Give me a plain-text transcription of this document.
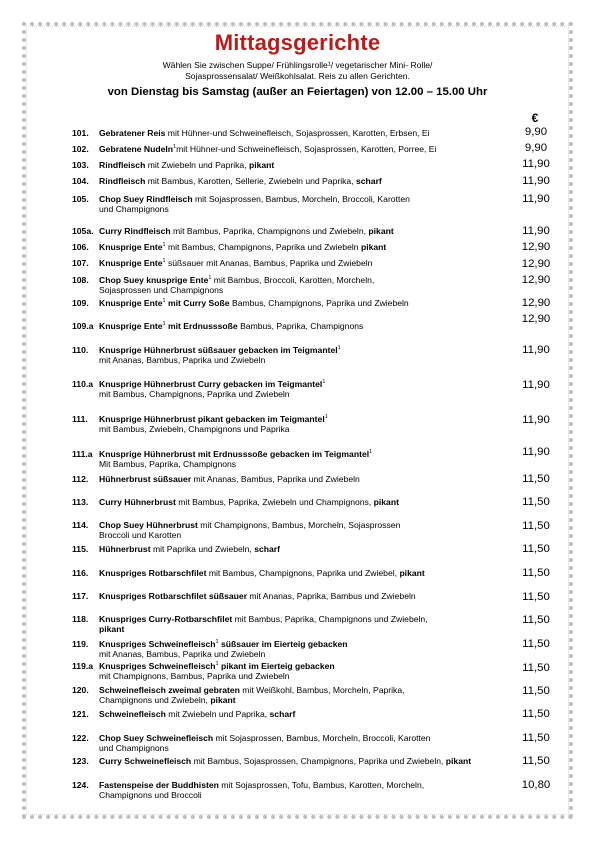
Mittagsgerichte
Wählen Sie zwischen Suppe/ Frühlingsrolle¹/ vegetarischer Mini- Rolle/
Sojasprossensalat/ Weißkohlsalat. Reis zu allen Gerichten.
von Dienstag bis Samstag (außer an Feiertagen) von 12.00 – 15.00 Uhr
€
101. Gebratener Reis mit Hühner-und Schweinefleisch, Sojasprossen, Karotten, Erbsen, Ei	9,90
102. Gebratene Nudeln$^1$mit Hühner-und Schweinefleisch, Sojasprossen, Karotten, Porree, Ei	9,90
103. Rindfleisch mit Zwiebeln und Paprika, pikant	11,90
104. Rindfleisch mit Bambus, Karotten, Sellerie, Zwiebeln und Paprika, scharf	11,90
105. Chop Suey Rindfleisch mit Sojasprossen, Bambus, Morcheln, Broccoli, Karotten
und Champignons
11,90
105a. Curry Rindfleisch mit Bambus, Paprika, Champignons und Zwiebeln, pikant	11,90
106. Knusprige Ente$^1$ mit Bambus, Champignons, Paprika und Zwiebeln pikant	12,90
107. Knusprige Ente$^1$ süßsauer mit Ananas, Bambus, Paprika und Zwiebeln	12,90
108. Chop Suey knusprige Ente$^1$ mit Bambus, Broccoli, Karotten, Morcheln,
Sojasprossen und Champignons
12,90
109. Knusprige Ente$^1$ mit Curry Soße Bambus, Champignons, Paprika und Zwiebeln	12,90
109.a Knusprige Ente$^1$ mit Erdnusssoße Bambus, Paprika, Champignons
12,90
110. Knusprige Hühnerbrust süßsauer gebacken im Teigmantel$^1$
mit Ananas, Bambus, Paprika und Zwiebeln
11,90
110.a Knusprige Hühnerbrust Curry gebacken im Teigmantel$^1$
mit Bambus, Champignons, Paprika und Zwiebeln
11,90
111. Knusprige Hühnerbrust pikant gebacken im Teigmantel$^1$
mit Bambus, Zwiebeln, Champignons und Paprika
11,90
111.a Knusprige Hühnerbrust mit Erdnusssoße gebacken im Teigmantel$^1$
Mit Bambus, Paprika, Champignons
11,90
112. Hühnerbrust süßsauer mit Ananas, Bambus, Paprika und Zwiebeln	11,50
113. Curry Hühnerbrust mit Bambus, Paprika, Zwiebeln und Champignons, pikant	11,50
114. Chop Suey Hühnerbrust mit Champignons, Bambus, Morcheln, Sojasprossen
Broccoli und Karotten
11,50
115. Hühnerbrust mit Paprika und Zwiebeln, scharf	11,50
116. Knuspriges Rotbarschfilet mit Bambus, Champignons, Paprika und Zwiebel, pikant	11,50
117. Knuspriges Rotbarschfilet süßsauer mit Ananas, Paprika, Bambus und Zwiebeln	11,50
118. Knuspriges Curry-Rotbarschfilet mit Bambus, Paprika, Champignons und Zwiebeln,
pikant
11,50
119. Knuspriges Schweinefleisch$^1$ süßsauer im Eierteig gebacken
mit Ananas, Bambus, Paprika und Zwiebeln
11,50
119.a Knuspriges Schweinefleisch$^1$ pikant im Eierteig gebacken
mit Champignons, Bambus, Paprika und Zwiebeln
11,50
120. Schweinefleisch zweimal gebraten mit Weißkohl, Bambus, Morcheln, Paprika,
Champignons und Zwiebeln, pikant
11,50
121. Schweinefleisch mit Zwiebeln und Paprika, scharf	11,50
122. Chop Suey Schweinefleisch mit Sojasprossen, Bambus, Morcheln, Broccoli, Karotten
und Champignons
11,50
123. Curry Schweinefleisch mit Bambus, Sojasprossen, Champignons, Paprika und Zwiebeln, pikant	11,50
124. Fastenspeise der Buddhisten mit Sojasprossen, Tofu, Bambus, Karotten, Morcheln,
Champignons und Broccoli
10,80
